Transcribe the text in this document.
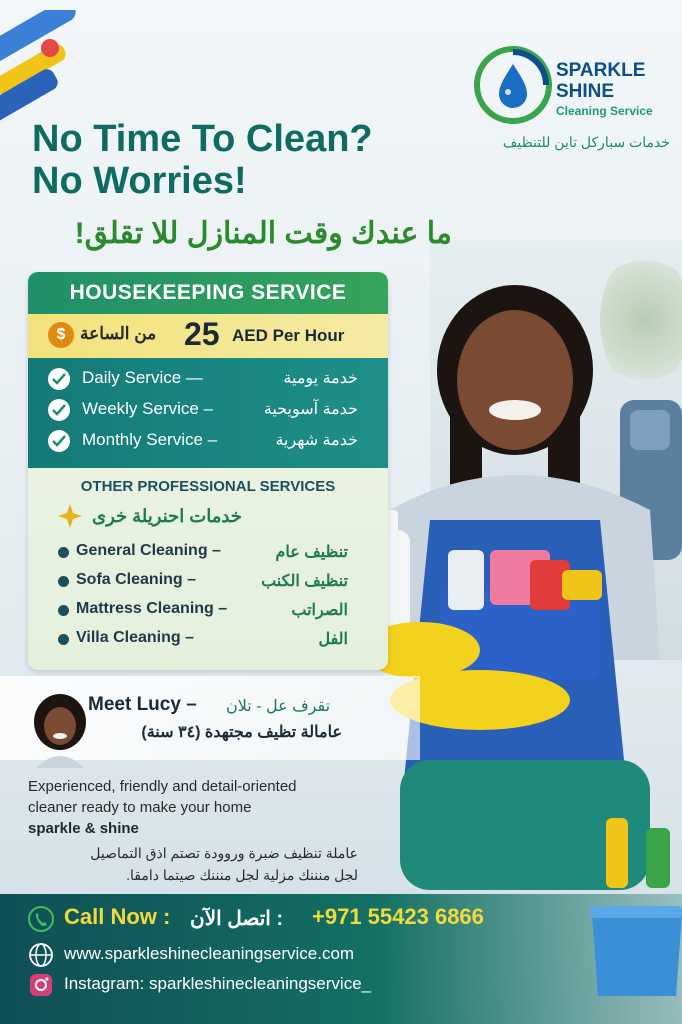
SPARKLE
SHINE
Cleaning Service
خدمات سباركل تاين للتنظيف
No Time To Clean?
No Worries!
ما عندك وقت المنازل للا تقلق!
HOUSEKEEPING SERVICE
$ من الساعة 25 AED Per Hour
Daily Service —	خدمة يومية
Weekly Service –	حدمة آسويحية
Monthly Service –	خدمة شهرية
OTHER PROFESSIONAL SERVICES
خدمات احنريلة خرى
General Cleaning –	تنظيف عام
Sofa Cleaning –	تنظيف الكنب
Mattress Cleaning –	الصراتب
Villa Cleaning –	الفل
Meet Lucy – تقرف عل - تلان
عامالة تظيف مجتهدة (٣٤ سنة)
Experienced, friendly and detail-oriented
cleaner ready to make your home
sparkle & shine
عاملة تنظيف ضبرة وروودة تصتم اذق التماصيل
لجل منننك مزلية لجل منننك صيتما دامقا.
Call Now : : اتصل الآن +971 55423 6866
www.sparkleshinecleaningservice.com
Instagram: sparkleshinecleaningservice_
